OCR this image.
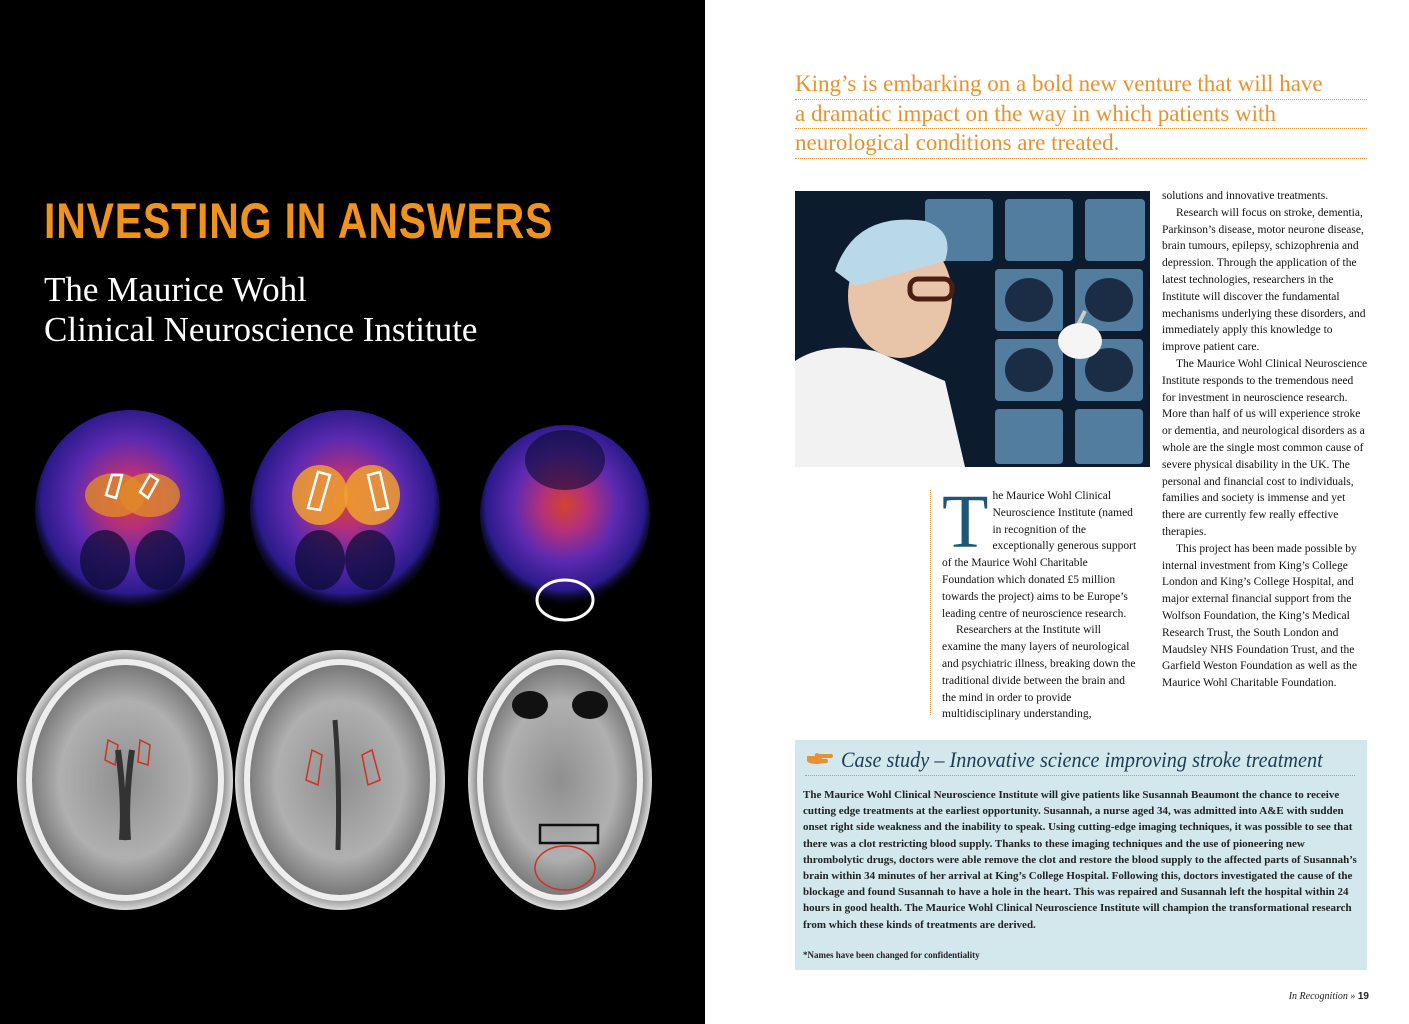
INVESTING IN ANSWERS
The Maurice Wohl
Clinical Neuroscience Institute
King’s is embarking on a bold new venture that will have
a dramatic impact on the way in which patients with
neurological conditions are treated.
T he Maurice Wohl Clinical Neuroscience Institute (named in recognition of the exceptionally generous support of the Maurice Wohl Charitable Foundation which donated £5 million towards the project) aims to be Europe’s leading centre of neuroscience research.

Researchers at the Institute will examine the many layers of neurological and psychiatric illness, breaking down the traditional divide between the brain and the mind in order to provide multidisciplinary understanding,

solutions and innovative treatments.

Research will focus on stroke, dementia, Parkinson’s disease, motor neurone disease, brain tumours, epilepsy, schizophrenia and depression. Through the application of the latest technologies, researchers in the Institute will discover the fundamental mechanisms underlying these disorders, and immediately apply this knowledge to improve patient care.

The Maurice Wohl Clinical Neuroscience Institute responds to the tremendous need for investment in neuroscience research. More than half of us will experience stroke or dementia, and neurological disorders as a whole are the single most common cause of severe physical disability in the UK. The personal and financial cost to individuals, families and society is immense and yet there are currently few really effective therapies.

This project has been made possible by internal investment from King’s College London and King’s College Hospital, and major external financial support from the Wolfson Foundation, the King’s Medical Research Trust, the South London and Maudsley NHS Foundation Trust, and the Garfield Weston Foundation as well as the Maurice Wohl Charitable Foundation.

Case study – Innovative science improving stroke treatment
The Maurice Wohl Clinical Neuroscience Institute will give patients like Susannah Beaumont the chance to receive cutting edge treatments at the earliest opportunity. Susannah, a nurse aged 34, was admitted into A&E with sudden onset right side weakness and the inability to speak. Using cutting-edge imaging techniques, it was possible to see that there was a clot restricting blood supply. Thanks to these imaging techniques and the use of pioneering new thrombolytic drugs, doctors were able remove the clot and restore the blood supply to the affected parts of Susannah’s brain within 34 minutes of her arrival at King’s College Hospital. Following this, doctors investigated the cause of the blockage and found Susannah to have a hole in the heart. This was repaired and Susannah left the hospital within 24 hours in good health. The Maurice Wohl Clinical Neuroscience Institute will champion the transformational research from which these kinds of treatments are derived.
*Names have been changed for confidentiality
In Recognition » 19
